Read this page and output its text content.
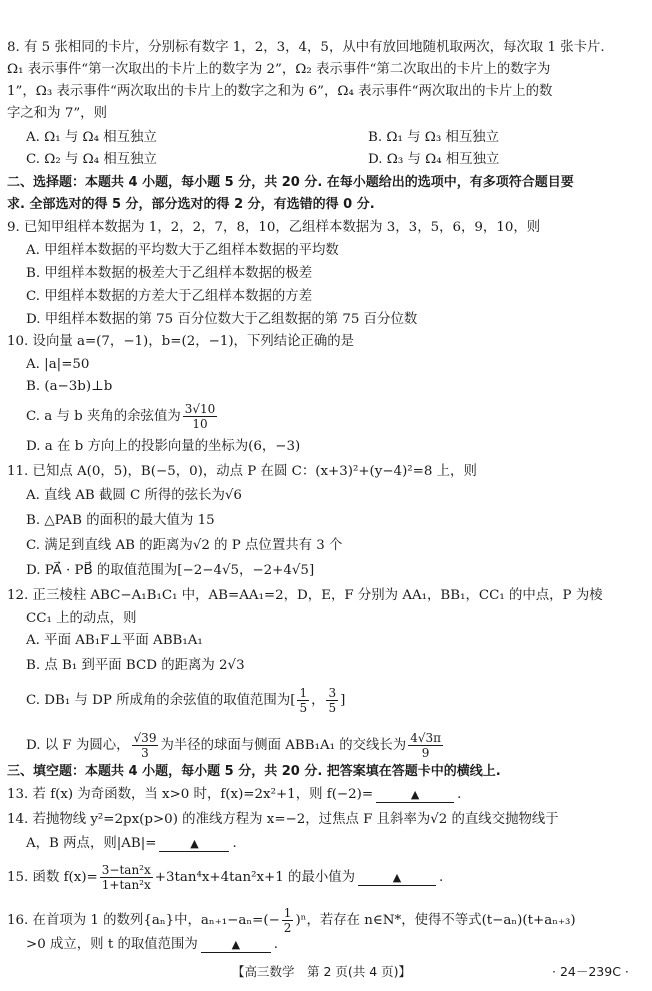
8. 有 5 张相同的卡片，分别标有数字 1，2，3，4，5，从中有放回地随机取两次，每次取 1 张卡片.
Ω₁ 表示事件“第一次取出的卡片上的数字为 2”，Ω₂ 表示事件“第二次取出的卡片上的数字为
1”，Ω₃ 表示事件“两次取出的卡片上的数字之和为 6”，Ω₄ 表示事件“两次取出的卡片上的数
字之和为 7”，则
A. Ω₁ 与 Ω₄ 相互独立	B. Ω₁ 与 Ω₃ 相互独立
C. Ω₂ 与 Ω₄ 相互独立	D. Ω₃ 与 Ω₄ 相互独立
二、选择题：本题共 4 小题，每小题 5 分，共 20 分. 在每小题给出的选项中，有多项符合题目要
求. 全部选对的得 5 分，部分选对的得 2 分，有选错的得 0 分.
9. 已知甲组样本数据为 1，2，2，7，8，10，乙组样本数据为 3，3，5，6，9，10，则
A. 甲组样本数据的平均数大于乙组样本数据的平均数
B. 甲组样本数据的极差大于乙组样本数据的极差
C. 甲组样本数据的方差大于乙组样本数据的方差
D. 甲组样本数据的第 75 百分位数大于乙组数据的第 75 百分位数
10. 设向量 a=(7，−1)，b=(2，−1)，下列结论正确的是
A. |a|=50
B. (a−3b)⊥b
C. a 与 b 夹角的余弦值为 $\frac{3√10}{10}$
D. a 在 b 方向上的投影向量的坐标为(6，−3)
11. 已知点 A(0，5)，B(−5，0)，动点 P 在圆 C：(x+3)²+(y−4)²=8 上，则
A. 直线 AB 截圆 C 所得的弦长为√6
B. △PAB 的面积的最大值为 15
C. 满足到直线 AB 的距离为√2 的 P 点位置共有 3 个
D. PA⃗ · PB⃗ 的取值范围为[−2−4√5，−2+4√5]
12. 正三棱柱 ABC−A₁B₁C₁ 中，AB=AA₁=2，D，E，F 分别为 AA₁，BB₁，CC₁ 的中点，P 为棱
CC₁ 上的动点，则
A. 平面 AB₁F⊥平面 ABB₁A₁
B. 点 B₁ 到平面 BCD 的距离为 2√3
C. DB₁ 与 DP 所成角的余弦值的取值范围为[ $\frac{1}{5}$ ， $\frac{3}{5}$ ]
D. 以 F 为圆心， $\frac{√39}{3}$ 为半径的球面与侧面 ABB₁A₁ 的交线长为 $\frac{4√3\pi}{9}$
三、填空题：本题共 4 小题，每小题 5 分，共 20 分. 把答案填在答题卡中的横线上.
13. 若 f(x) 为奇函数，当 x>0 时，f(x)=2x²+1，则 f(−2)=	▲	.
14. 若抛物线 y²=2px(p>0) 的准线方程为 x=−2，过焦点 F 且斜率为√2 的直线交抛物线于
A，B 两点，则|AB|=	▲	.
15. 函数 $f(x)= \frac{\text{3−tan²x}}{\text{1+tan²x}} +3\tan^4x+4\tan^2x+1$ 的最小值为	▲	.
16. 在首项为 1 的数列{aₙ}中，$a_{n+1}-a_n=(- \frac{1}{2} )^n$，若存在 n∈N*，使得不等式(t−aₙ)(t+aₙ₊₃)
>0 成立，则 t 的取值范围为	▲	.
【高三数学　第 2 页(共 4 页)】	· 24－239C ·
